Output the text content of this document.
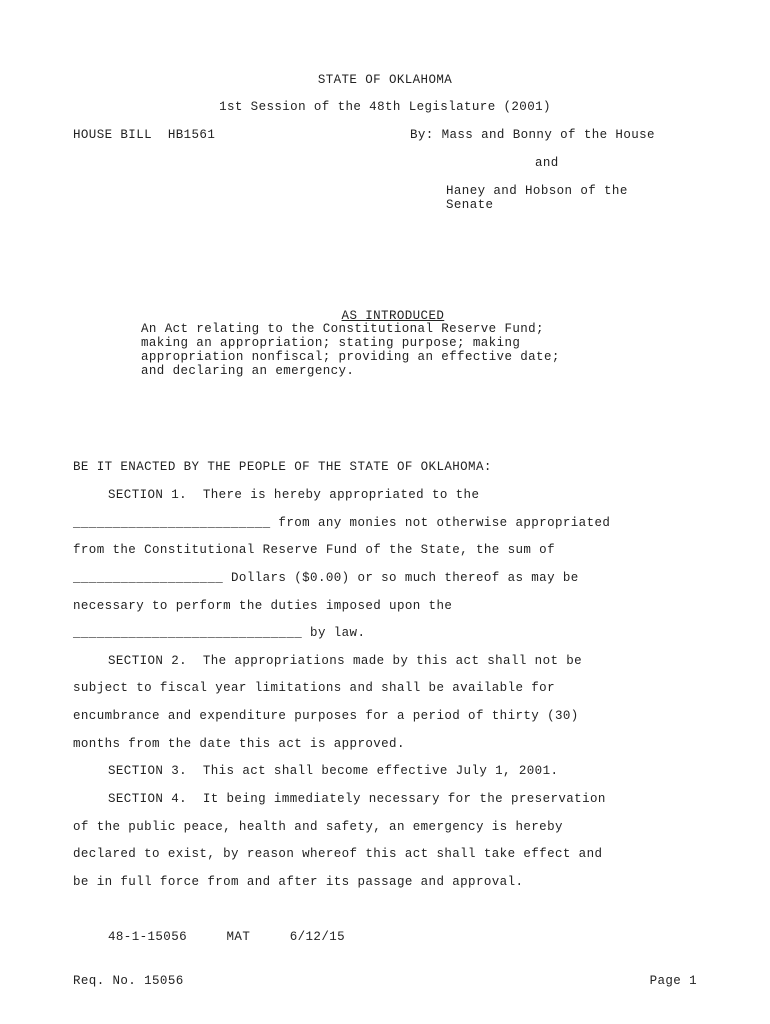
STATE OF OKLAHOMA
1st Session of the 48th Legislature (2001)
HOUSE BILL  HB1561	By: Mass and Bonny of the House
and
Haney and Hobson of the
Senate

AS INTRODUCED

An Act relating to the Constitutional Reserve Fund;
making an appropriation; stating purpose; making
appropriation nonfiscal; providing an effective date;
and declaring an emergency.
BE IT ENACTED BY THE PEOPLE OF THE STATE OF OKLAHOMA:
SECTION 1.  There is hereby appropriated to the
_________________________ from any monies not otherwise appropriated
from the Constitutional Reserve Fund of the State, the sum of
___________________ Dollars ($0.00) or so much thereof as may be
necessary to perform the duties imposed upon the
_____________________________ by law.
SECTION 2.  The appropriations made by this act shall not be
subject to fiscal year limitations and shall be available for
encumbrance and expenditure purposes for a period of thirty (30)
months from the date this act is approved.
SECTION 3.  This act shall become effective July 1, 2001.
SECTION 4.  It being immediately necessary for the preservation
of the public peace, health and safety, an emergency is hereby
declared to exist, by reason whereof this act shall take effect and
be in full force from and after its passage and approval.
48-1-15056     MAT     6/12/15
Req. No. 15056	Page 1
